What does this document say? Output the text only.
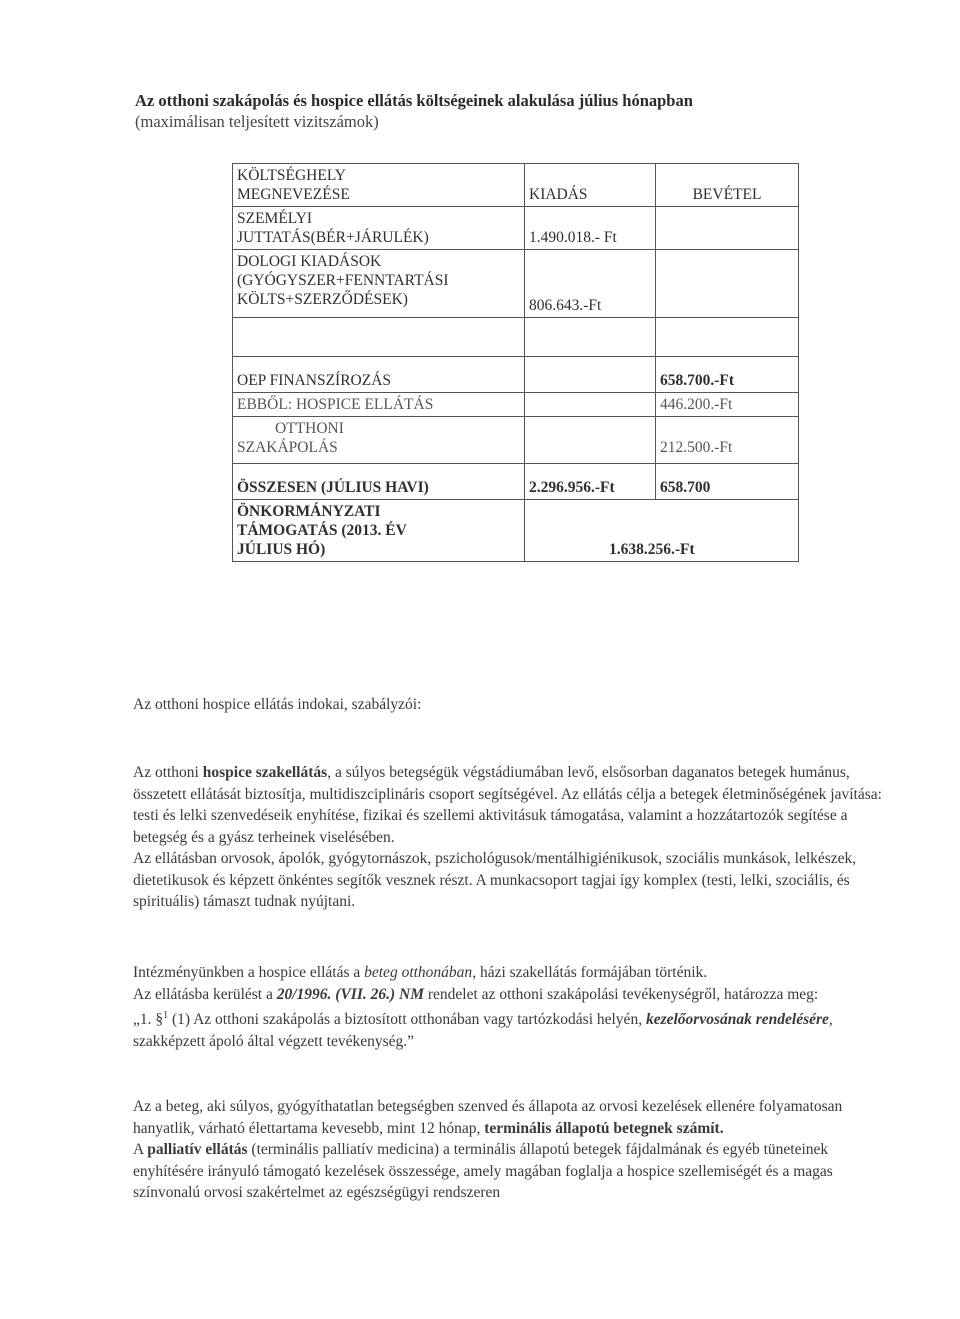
Az otthoni szakápolás és hospice ellátás költségeinek alakulása július hónapban
(maximálisan teljesített vizitszámok)
KÖLTSÉGHELY
MEGNEVEZÉSE	KIADÁS	BEVÉTEL

SZEMÉLYI
JUTTATÁS(BÉR+JÁRULÉK)	1.490.018.- Ft	

DOLOGI KIADÁSOK
(GYÓGYSZER+FENNTARTÁSI
KÖLTS+SZERZŐDÉSEK)	806.643.-Ft	

OEP FINANSZÍROZÁS		658.700.-Ft
EBBŐL: HOSPICE ELLÁTÁS		446.200.-Ft

OTTHONI
SZAKÁPOLÁS		212.500.-Ft
ÖSSZESEN (JÚLIUS HAVI)	2.296.956.-Ft	658.700

ÖNKORMÁNYZATI
TÁMOGATÁS (2013. ÉV
JÚLIUS HÓ)	1.638.256.-Ft	

Az otthoni hospice ellátás indokai, szabályzói:

Az otthoni hospice szakellátás, a súlyos betegségük végstádiumában levő, elsősorban daganatos betegek humánus, összetett ellátását biztosítja, multidiszciplináris csoport segítségével. Az ellátás célja a betegek életminőségének javítása: testi és lelki szenvedéseik enyhítése, fizikai és szellemi aktivitásuk támogatása, valamint a hozzátartozók segítése a betegség és a gyász terheinek viselésében.

Az ellátásban orvosok, ápolók, gyógytornászok, pszichológusok/mentálhigiénikusok, szociális munkások, lelkészek, dietetikusok és képzett önkéntes segítők vesznek részt. A munkacsoport tagjai így komplex (testi, lelki, szociális, és spirituális) támaszt tudnak nyújtani.

Intézményünkben a hospice ellátás a beteg otthonában, házi szakellátás formájában történik.

Az ellátásba kerülést a 20/1996. (VII. 26.) NM rendelet az otthoni szakápolási tevékenységről, határozza meg:

„1. §$^1$ (1) Az otthoni szakápolás a biztosított otthonában vagy tartózkodási helyén, kezelőorvosának rendelésére, szakképzett ápoló által végzett tevékenység.”

Az a beteg, aki súlyos, gyógyíthatatlan betegségben szenved és állapota az orvosi kezelések ellenére folyamatosan hanyatlik, várható élettartama kevesebb, mint 12 hónap, terminális állapotú betegnek számít.

A palliatív ellátás (terminális palliatív medicina) a terminális állapotú betegek fájdalmának és egyéb tüneteinek enyhítésére irányuló támogató kezelések összessége, amely magában foglalja a hospice szellemiségét és a magas színvonalú orvosi szakértelmet az egészségügyi rendszeren
